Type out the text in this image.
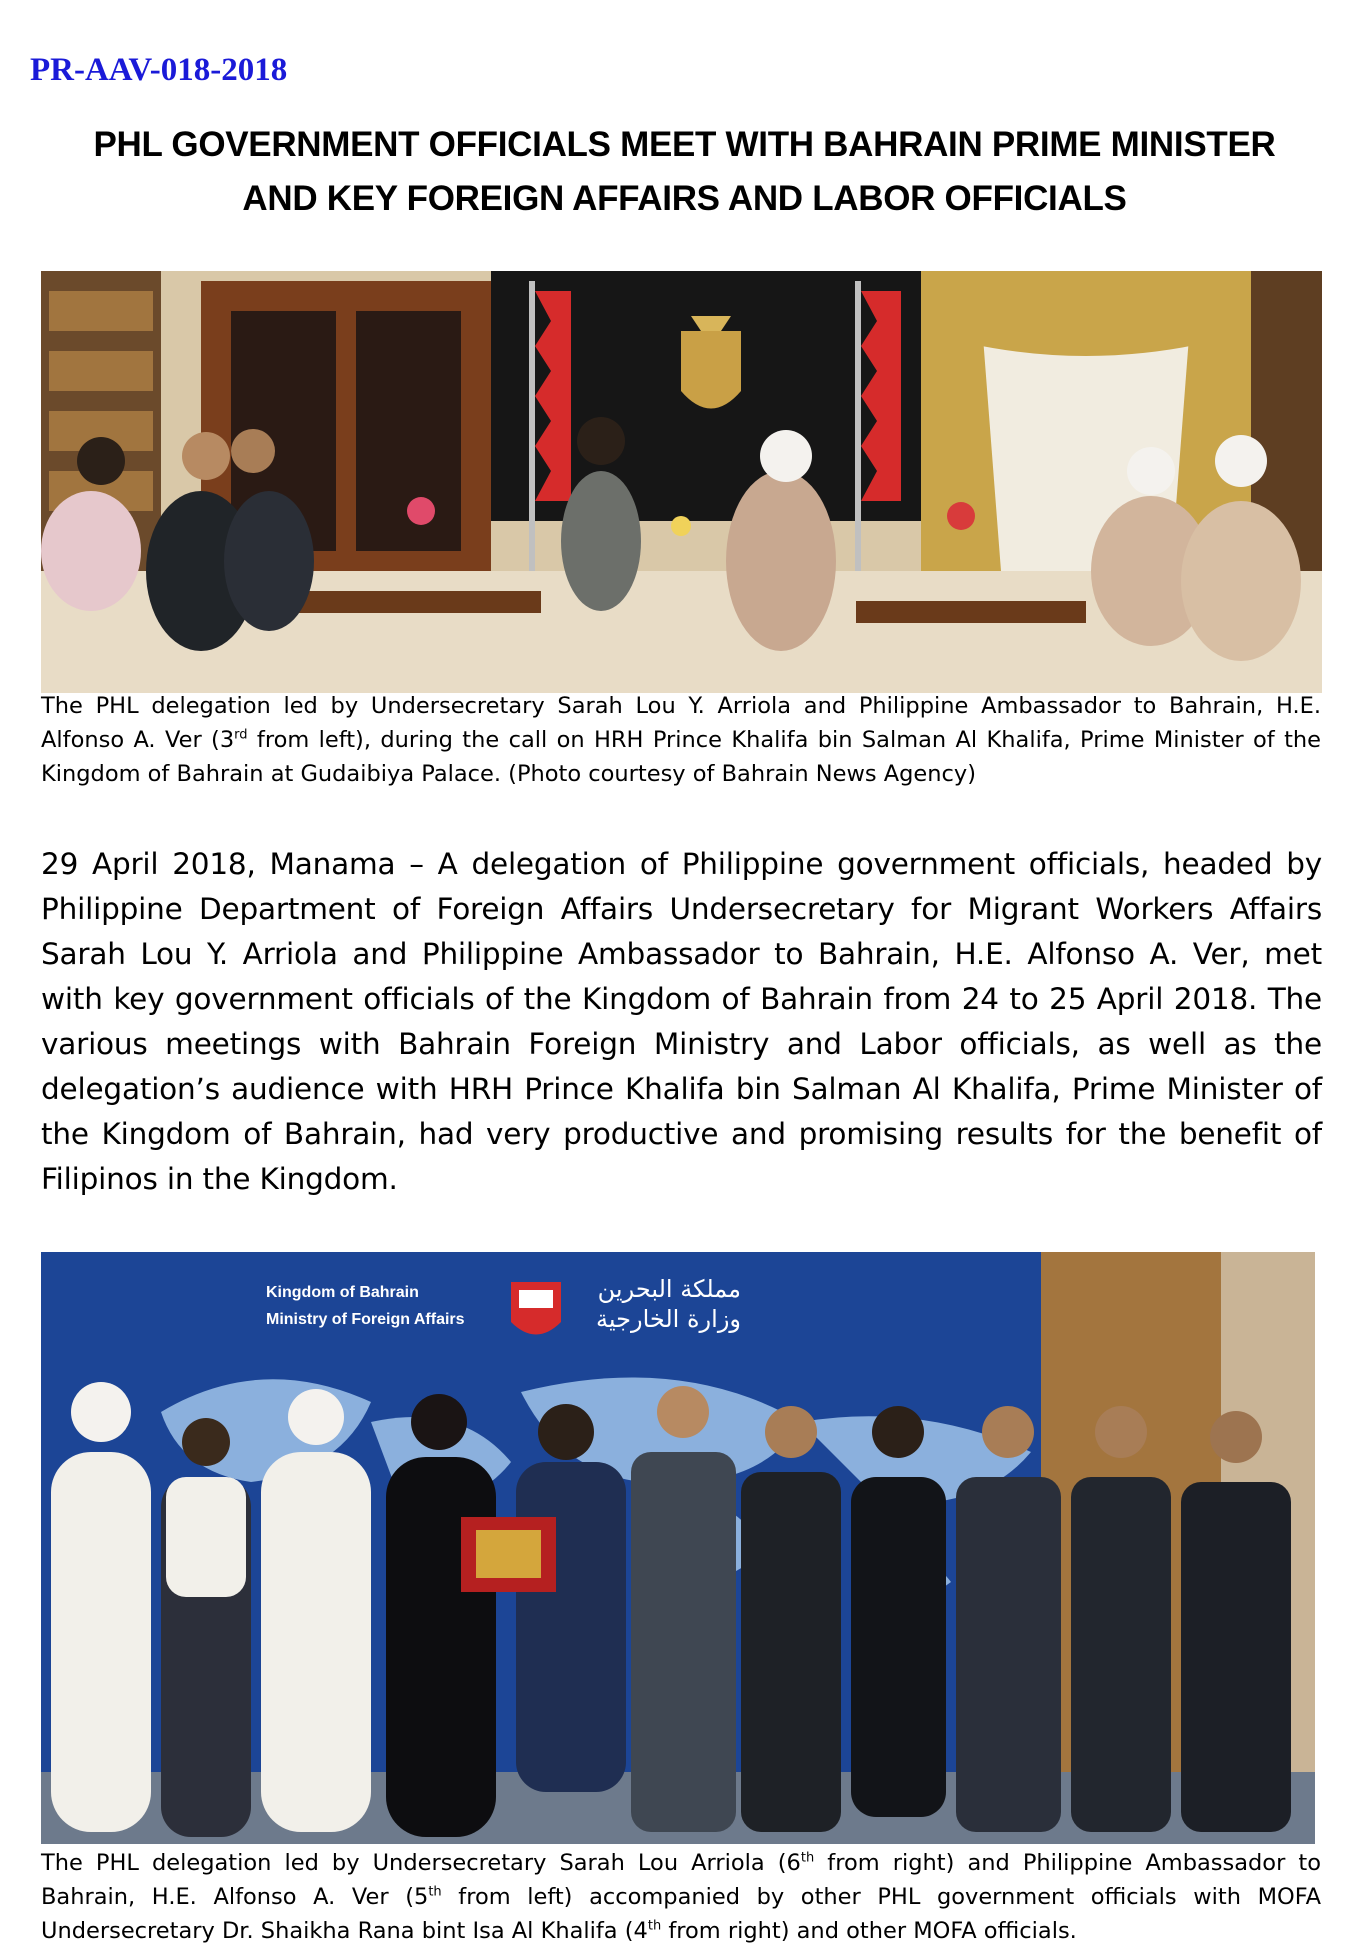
PR-AAV-018-2018
PHL GOVERNMENT OFFICIALS MEET WITH BAHRAIN PRIME MINISTER
AND KEY FOREIGN AFFAIRS AND LABOR OFFICIALS
The PHL delegation led by Undersecretary Sarah Lou Y. Arriola and Philippine Ambassador to Bahrain, H.E. Alfonso A. Ver (3rd from left), during the call on HRH Prince Khalifa bin Salman Al Khalifa, Prime Minister of the Kingdom of Bahrain at Gudaibiya Palace. (Photo courtesy of Bahrain News Agency)
29 April 2018, Manama – A delegation of Philippine government officials, headed by
Philippine Department of Foreign Affairs Undersecretary for Migrant Workers Affairs
Sarah Lou Y. Arriola and Philippine Ambassador to Bahrain, H.E. Alfonso A. Ver, met
with key government officials of the Kingdom of Bahrain from 24 to 25 April 2018. The
various meetings with Bahrain Foreign Ministry and Labor officials, as well as the
delegation’s audience with HRH Prince Khalifa bin Salman Al Khalifa, Prime Minister of
the Kingdom of Bahrain, had very productive and promising results for the benefit of
Filipinos in the Kingdom.
Kingdom of Bahrain
Ministry of Foreign Affairs
مملكة البحرين
وزارة الخارجية
The PHL delegation led by Undersecretary Sarah Lou Arriola (6th from right) and Philippine Ambassador to Bahrain, H.E. Alfonso A. Ver (5th from left) accompanied by other PHL government officials with MOFA Undersecretary Dr. Shaikha Rana bint Isa Al Khalifa (4th from right) and other MOFA officials.
